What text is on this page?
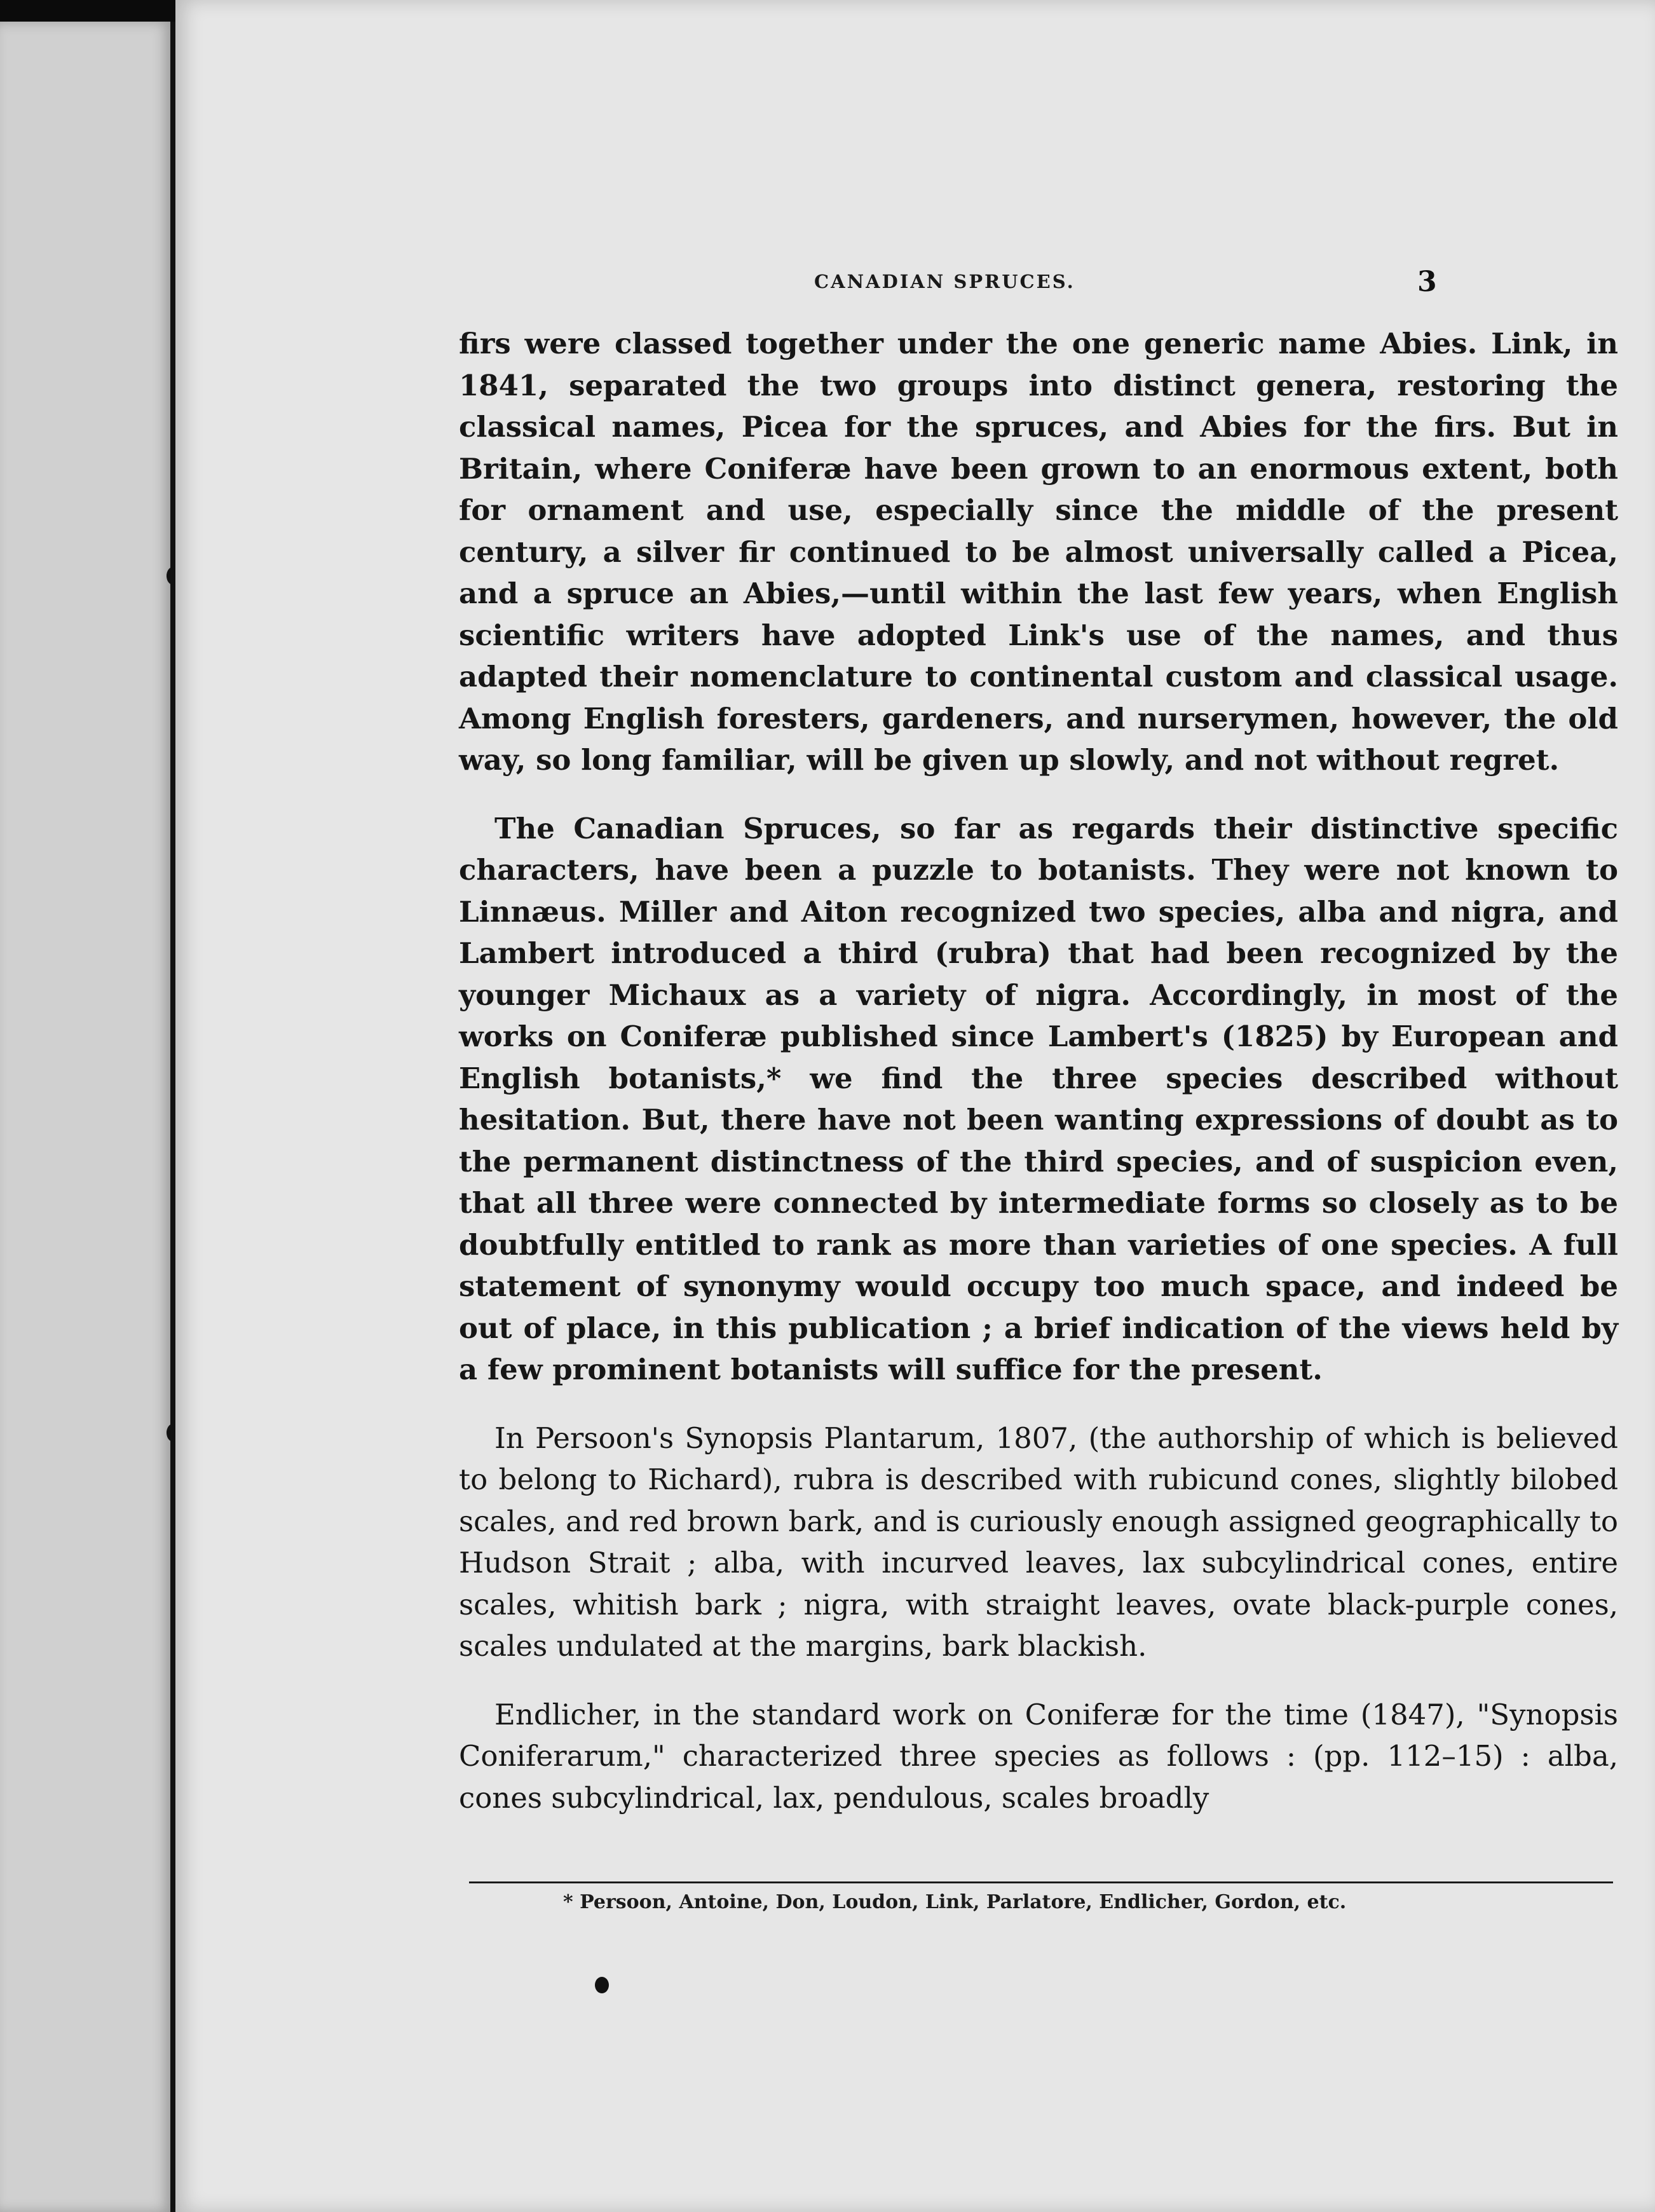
CANADIAN SPRUCES.	3

firs were classed together under the one generic name Abies. Link, in 1841, separated the two groups into distinct genera, restoring the classical names, Picea for the spruces, and Abies for the firs. But in Britain, where Coniferæ have been grown to an enormous extent, both for ornament and use, especially since the middle of the present century, a silver fir continued to be almost universally called a Picea, and a spruce an Abies,—until within the last few years, when English scientific writers have adopted Link's use of the names, and thus adapted their nomenclature to continental custom and classical usage. Among English foresters, gardeners, and nurserymen, however, the old way, so long familiar, will be given up slowly, and not without regret.

The Canadian Spruces, so far as regards their distinctive specific characters, have been a puzzle to botanists. They were not known to Linnæus. Miller and Aiton recognized two species, alba and nigra, and Lambert introduced a third (rubra) that had been recognized by the younger Michaux as a variety of nigra. Accordingly, in most of the works on Coniferæ published since Lambert's (1825) by European and English botanists,* we find the three species described without hesitation. But, there have not been wanting expressions of doubt as to the permanent distinctness of the third species, and of suspicion even, that all three were connected by intermediate forms so closely as to be doubtfully entitled to rank as more than varieties of one species. A full statement of synonymy would occupy too much space, and indeed be out of place, in this publication ; a brief indication of the views held by a few prominent botanists will suffice for the present.

In Persoon's Synopsis Plantarum, 1807, (the authorship of which is believed to belong to Richard), rubra is described with rubicund cones, slightly bilobed scales, and red brown bark, and is curiously enough assigned geographically to Hudson Strait ; alba, with incurved leaves, lax subcylindrical cones, entire scales, whitish bark ; nigra, with straight leaves, ovate black-purple cones, scales undulated at the margins, bark blackish.

Endlicher, in the standard work on Coniferæ for the time (1847), "Synopsis Coniferarum," characterized three species as follows : (pp. 112–15) : alba, cones subcylindrical, lax, pendulous, scales broadly

* Persoon, Antoine, Don, Loudon, Link, Parlatore, Endlicher, Gordon, etc.
